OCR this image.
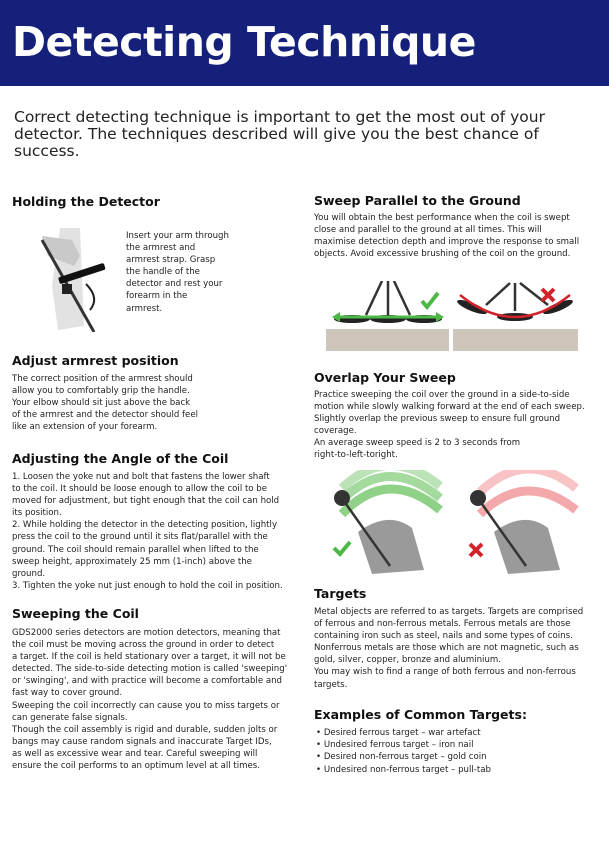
Detecting Technique
Correct detecting technique is important to get the most out of your detector. The techniques described will give you the best chance of success.
Holding the Detector

Insert your arm through
the armrest and
armrest strap. Grasp
the handle of the
detector and rest your
forearm in the
armrest.

Adjust armrest position

The correct position of the armrest should
allow you to comfortably grip the handle.
Your elbow should sit just above the back
of the armrest and the detector should feel
like an extension of your forearm.

Adjusting the Angle of the Coil

1. Loosen the yoke nut and bolt that fastens the lower shaft
to the coil. It should be loose enough to allow the coil to be
moved for adjustment, but tight enough that the coil can hold
its position.
2. While holding the detector in the detecting position, lightly
press the coil to the ground until it sits flat/parallel with the
ground. The coil should remain parallel when lifted to the
sweep height, approximately 25 mm (1-inch) above the
ground.
3. Tighten the yoke nut just enough to hold the coil in position.

Sweeping the Coil

GDS2000 series detectors are motion detectors, meaning that
the coil must be moving across the ground in order to detect
a target. If the coil is held stationary over a target, it will not be
detected. The side-to-side detecting motion is called 'sweeping'
or 'swinging', and with practice will become a comfortable and
fast way to cover ground.
Sweeping the coil incorrectly can cause you to miss targets or
can generate false signals.
Though the coil assembly is rigid and durable, sudden jolts or
bangs may cause random signals and inaccurate Target IDs,
as well as excessive wear and tear. Careful sweeping will
ensure the coil performs to an optimum level at all times.

Sweep Parallel to the Ground

You will obtain the best performance when the coil is swept
close and parallel to the ground at all times. This will
maximise detection depth and improve the response to small
objects. Avoid excessive brushing of the coil on the ground.

Overlap Your Sweep

Practice sweeping the coil over the ground in a side-to-side
motion while slowly walking forward at the end of each sweep.
Slightly overlap the previous sweep to ensure full ground
coverage.
An average sweep speed is 2 to 3 seconds from
right-to-left-toright.

Targets

Metal objects are referred to as targets. Targets are comprised
of ferrous and non-ferrous metals. Ferrous metals are those
containing iron such as steel, nails and some types of coins.
Nonferrous metals are those which are not magnetic, such as
gold, silver, copper, bronze and aluminium.
You may wish to find a range of both ferrous and non-ferrous
targets.

Examples of Common Targets:
• Desired ferrous target – war artefact
• Undesired ferrous target – iron nail
• Desired non-ferrous target – gold coin
• Undesired non-ferrous target – pull-tab
